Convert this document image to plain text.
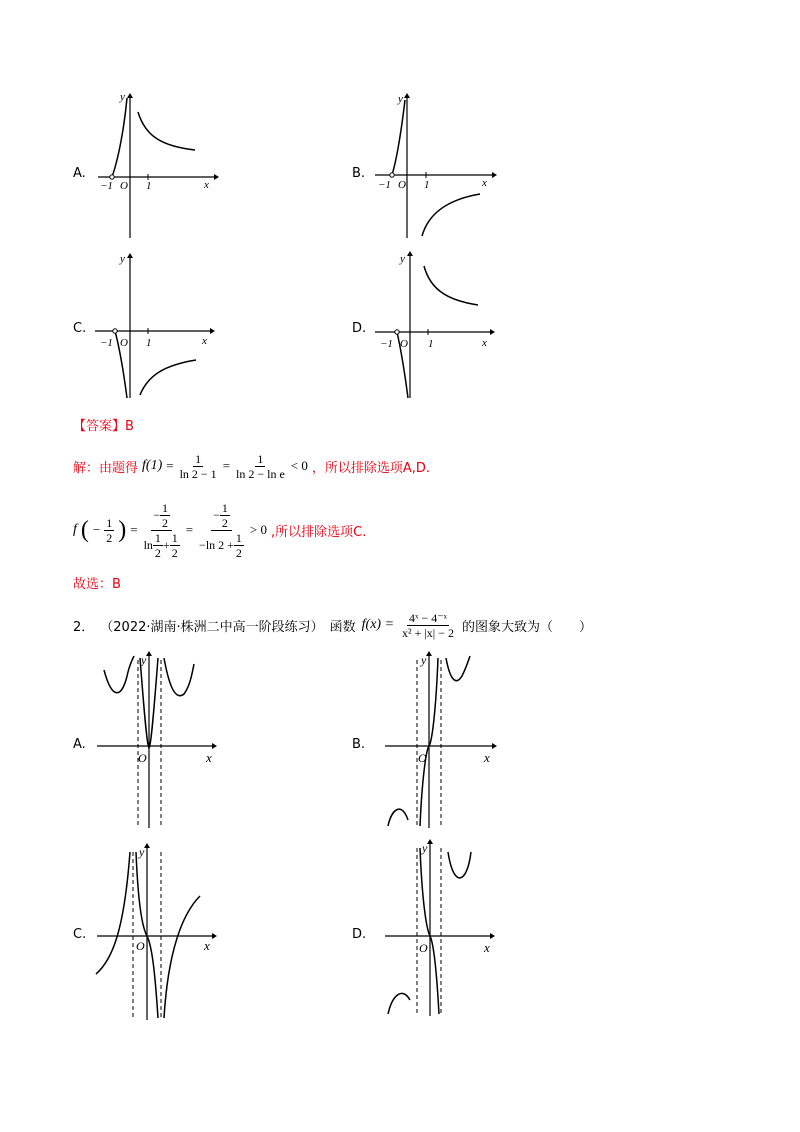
A.
y
x
O
−1	1
B.
y
x
O
−1	1
C.
y
x
O
−1	1
D.
y
x
O
−1	1
【答案】B
解：由题得 $f(1) = \frac{1}{\ln 2 - 1} = \frac{1}{\text{ln 2 − ln e}} < 0$ ，所以排除选项A,D.
f ( − $\frac{1}{2}$ ) = $\frac{- \frac{1}{2}}{\ln \frac{1}{2} + \frac{1}{2}} = \frac{- \frac{1}{2}}{-\ln 2 + \frac{1}{2}} > 0$ ,所以排除选项C.
故选：B
2． （2022·湖南·株洲二中高一阶段练习） 函数 $f(x) = \frac{\text{4ˣ − 4⁻ˣ}}{\text{x² + |x| − 2}}$ 的图象大致为（　　）
A.
y
x
O
B.
y
x
O
C.
y
x
O
D.
y
x
O
